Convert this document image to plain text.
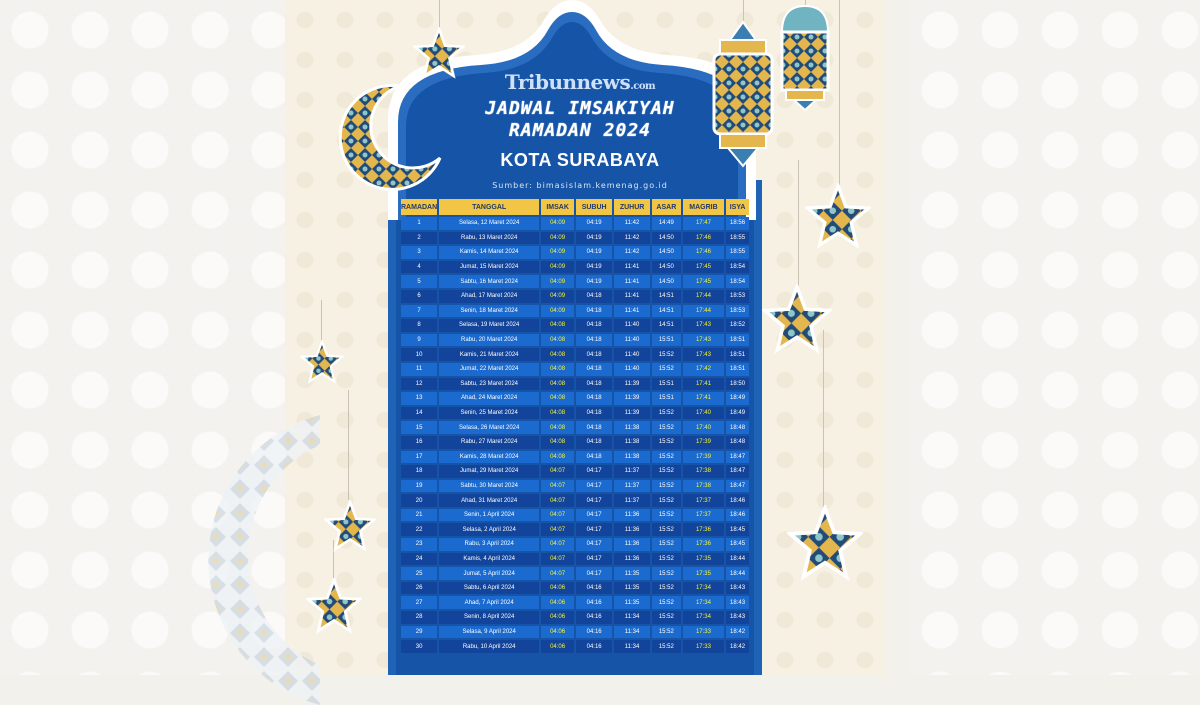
Tribunnews.com
JADWAL IMSAKIYAH
RAMADAN 2024
KOTA SURABAYA
Sumber: bimasislam.kemenag.go.id
RAMADAN	TANGGAL	IMSAK	SUBUH	ZUHUR	ASAR	MAGRIB	ISYA
1	Selasa, 12 Maret 2024	04:09	04:19	11:42	14:49	17:47	18:56
2	Rabu, 13 Maret 2024	04:09	04:19	11:42	14:50	17:46	18:55
3	Kamis, 14 Maret 2024	04:09	04:19	11:42	14:50	17:46	18:55
4	Jumat, 15 Maret 2024	04:09	04:19	11:41	14:50	17:45	18:54
5	Sabtu, 16 Maret 2024	04:09	04:19	11:41	14:50	17:45	18:54
6	Ahad, 17 Maret 2024	04:09	04:18	11:41	14:51	17:44	18:53
7	Senin, 18 Maret 2024	04:09	04:18	11:41	14:51	17:44	18:53
8	Selasa, 19 Maret 2024	04:08	04:18	11:40	14:51	17:43	18:52
9	Rabu, 20 Maret 2024	04:08	04:18	11:40	15:51	17:43	18:51
10	Kamis, 21 Maret 2024	04:08	04:18	11:40	15:52	17:43	18:51
11	Jumat, 22 Maret 2024	04:08	04:18	11:40	15:52	17:42	18:51
12	Sabtu, 23 Maret 2024	04:08	04:18	11:39	15:51	17:41	18:50
13	Ahad, 24 Maret 2024	04:08	04:18	11:39	15:51	17:41	18:49
14	Senin, 25 Maret 2024	04:08	04:18	11:39	15:52	17:40	18:49
15	Selasa, 26 Maret 2024	04:08	04:18	11:38	15:52	17:40	18:48
16	Rabu, 27 Maret 2024	04:08	04:18	11:38	15:52	17:39	18:48
17	Kamis, 28 Maret 2024	04:08	04:18	11:38	15:52	17:39	18:47
18	Jumat, 29 Maret 2024	04:07	04:17	11:37	15:52	17:38	18:47
19	Sabtu, 30 Maret 2024	04:07	04:17	11:37	15:52	17:38	18:47
20	Ahad, 31 Maret 2024	04:07	04:17	11:37	15:52	17:37	18:46
21	Senin, 1 April 2024	04:07	04:17	11:36	15:52	17:37	18:46
22	Selasa, 2 April 2024	04:07	04:17	11:36	15:52	17:36	18:45
23	Rabu, 3 April 2024	04:07	04:17	11:36	15:52	17:36	18:45
24	Kamis, 4 April 2024	04:07	04:17	11:36	15:52	17:35	18:44
25	Jumat, 5 April 2024	04:07	04:17	11:35	15:52	17:35	18:44
26	Sabtu, 6 April 2024	04:06	04:16	11:35	15:52	17:34	18:43
27	Ahad, 7 April 2024	04:06	04:16	11:35	15:52	17:34	18:43
28	Senin, 8 April 2024	04:06	04:16	11:34	15:52	17:34	18:43
29	Selasa, 9 April 2024	04:06	04:16	11:34	15:52	17:33	18:42
30	Rabu, 10 April 2024	04:06	04:16	11:34	15:52	17:33	18:42
